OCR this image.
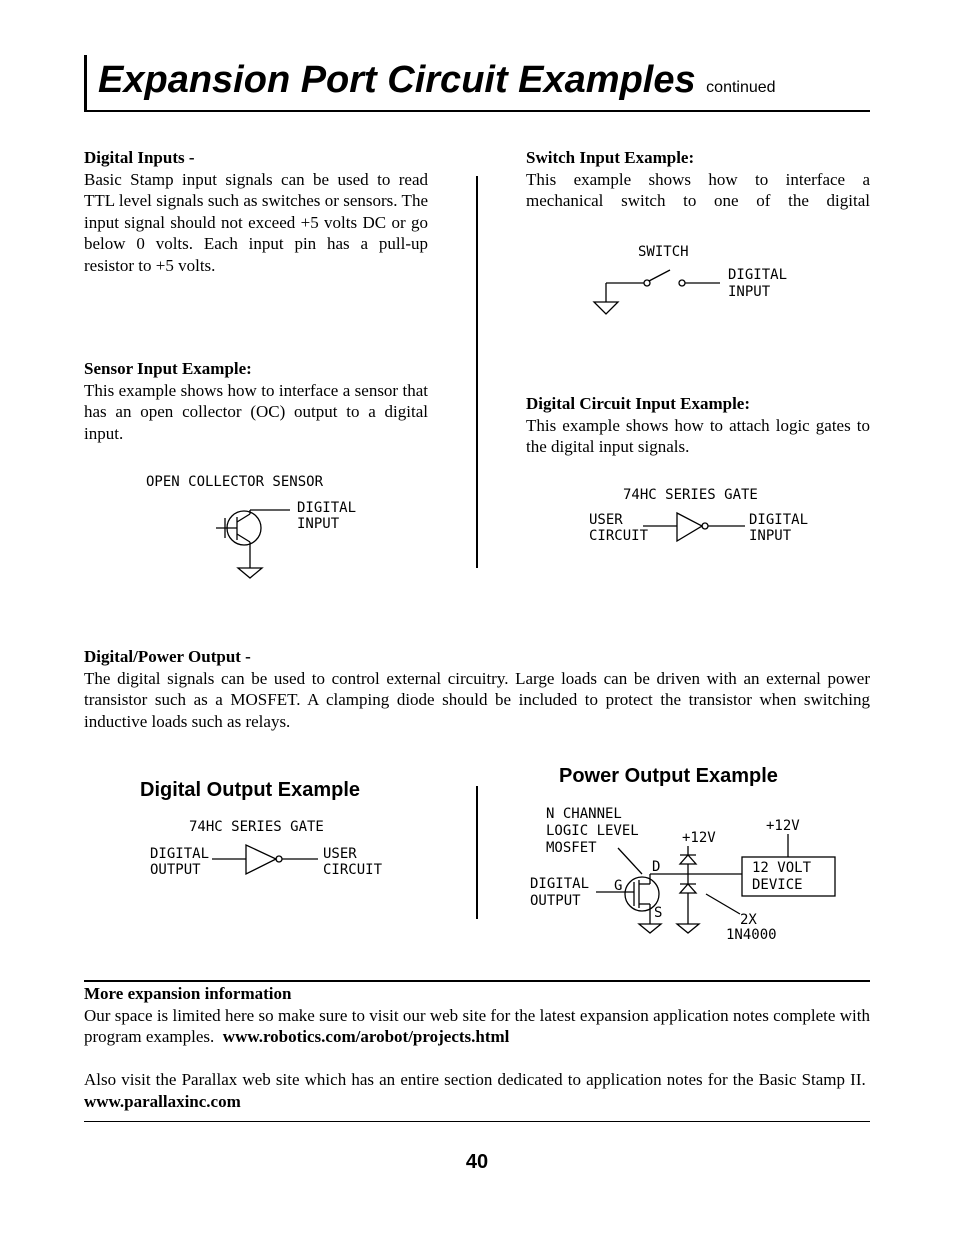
Expansion Port Circuit Examples continued
Digital Inputs -
Basic Stamp input signals can be used to read TTL level signals such as switches or sensors. The input signal should not exceed +5 volts DC or go below 0 volts. Each input pin has a pull-up resistor to +5 volts.
Sensor Input Example:
This example shows how to interface a sensor that has an open collector (OC) output to a digital input.
Switch Input Example:
This example shows how to interface a mechanical switch to one of the digital
Digital Circuit Input Example:
This example shows how to attach logic gates to the digital input signals.
SWITCH
DIGITAL
INPUT
OPEN COLLECTOR SENSOR
DIGITAL
INPUT
74HC SERIES GATE
USER
CIRCUIT
DIGITAL
INPUT
Digital/Power Output -
The digital signals can be used to control external circuitry. Large loads can be driven with an external power transistor such as a MOSFET. A clamping diode should be included to protect the transistor when switching inductive loads such as relays.
Digital Output Example
Power Output Example
74HC SERIES GATE
DIGITAL
OUTPUT
USER
CIRCUIT
N CHANNEL
LOGIC LEVEL
MOSFET
+12V
+12V
12 VOLT
DEVICE
D
S
G
DIGITAL
OUTPUT
2X
1N4000
More expansion information
Our space is limited here so make sure to visit our web site for the latest expansion application notes complete with program examples. www.robotics.com/arobot/projects.html
Also visit the Parallax web site which has an entire section dedicated to application notes for the Basic Stamp II.  www.parallaxinc.com
40
